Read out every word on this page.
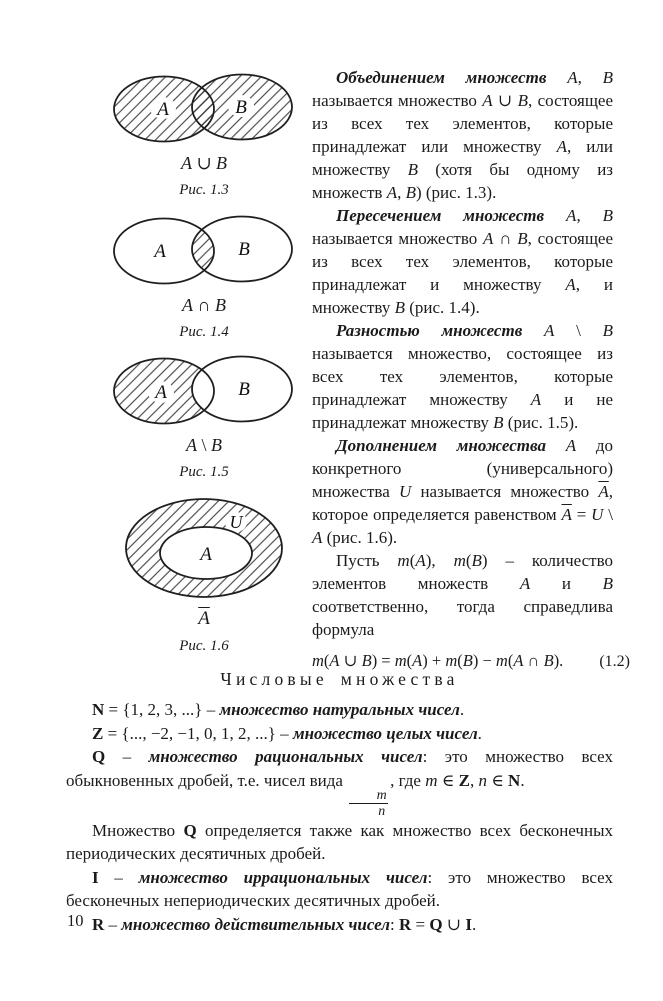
A	B
A ∪ B
Рис. 1.3
A	B
A ∩ B
Рис. 1.4
A	B
A \ B
Рис. 1.5
U
A
$\overline{A}$
Рис. 1.6

Объединением множеств A, B называется множество A ∪ B, состоящее из всех тех элементов, которые принадлежат или множеству A, или множеству B (хотя бы одному из множеств A, B) (рис. 1.3).

Пересечением множеств A, B называется множество A ∩ B, состоящее из всех тех элементов, которые принадлежат и множеству A, и множеству B (рис. 1.4).

Разностью множеств A \ B называется множество, состоящее из всех тех элементов, которые принадлежат множеству A и не принадлежат множеству B (рис. 1.5).

Дополнением множества A до конкретного (универсального) множества U называется множество $\overline{A}$, которое определяется равенством $\overline{A} = U$ \ A (рис. 1.6).

Пусть m(A), m(B) – количество элементов множеств A и B соответственно, тогда справедлива формула

m(A ∪ B) = m(A) + m(B) − m(A ∩ B). (1.2)
Числовые множества

N = {1, 2, 3, ...} – множество натуральных чисел.

Z = {..., −2, −1, 0, 1, 2, ...} – множество целых чисел.

Q – множество рациональных чисел: это множество всех обыкновенных дробей, т.е. чисел вида
$\frac{m}{n}$
, где m ∈ Z, n ∈ N.

Множество Q определяется также как множество всех бесконечных периодических десятичных дробей.

I – множество иррациональных чисел: это множество всех бесконечных непериодических десятичных дробей.

R – множество действительных чисел: R = Q ∪ I.

10
